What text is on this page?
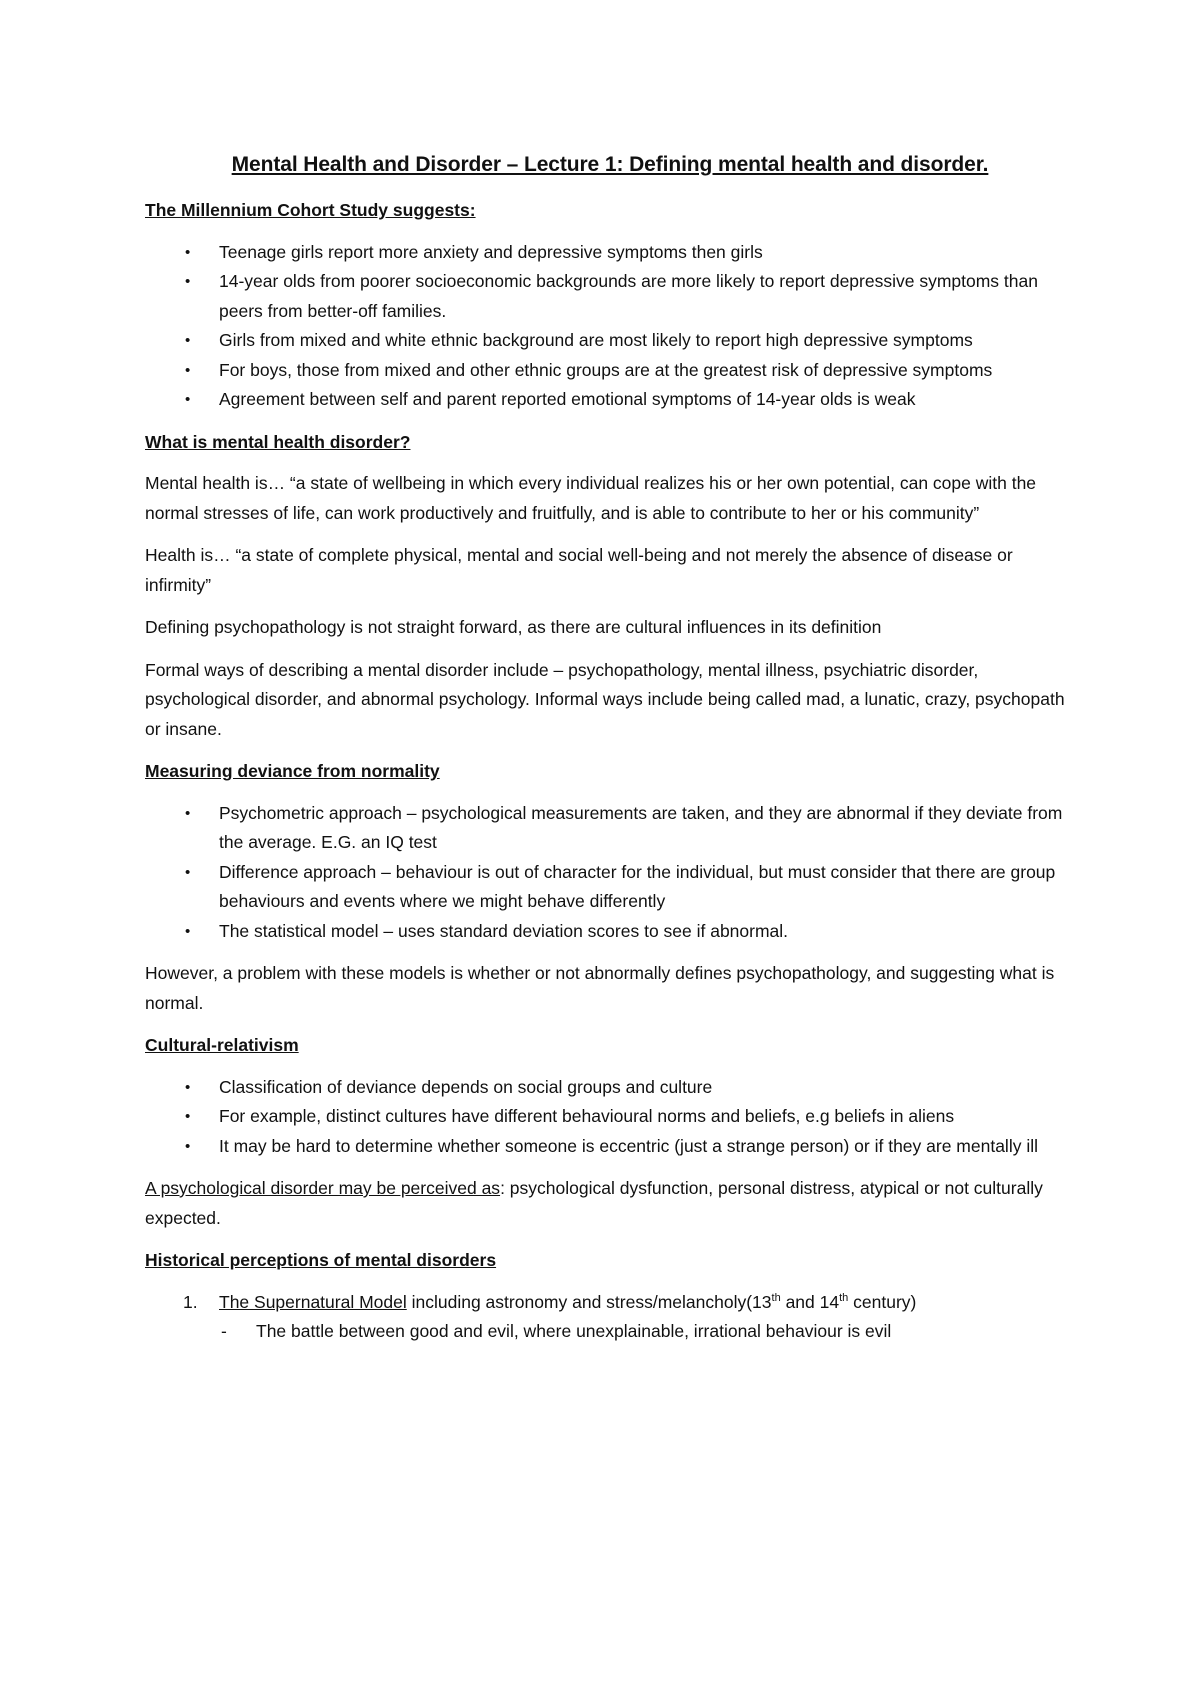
Mental Health and Disorder – Lecture 1: Defining mental health and disorder.
The Millennium Cohort Study suggests:
• Teenage girls report more anxiety and depressive symptoms then girls
• 14-year olds from poorer socioeconomic backgrounds are more likely to report depressive symptoms than peers from better-off families.
• Girls from mixed and white ethnic background are most likely to report high depressive symptoms
• For boys, those from mixed and other ethnic groups are at the greatest risk of depressive symptoms
• Agreement between self and parent reported emotional symptoms of 14-year olds is weak
What is mental health disorder?

Mental health is… “a state of wellbeing in which every individual realizes his or her own potential, can cope with the normal stresses of life, can work productively and fruitfully, and is able to contribute to her or his community”

Health is… “a state of complete physical, mental and social well-being and not merely the absence of disease or infirmity”

Defining psychopathology is not straight forward, as there are cultural influences in its definition

Formal ways of describing a mental disorder include – psychopathology, mental illness, psychiatric disorder, psychological disorder, and abnormal psychology. Informal ways include being called mad, a lunatic, crazy, psychopath or insane.

Measuring deviance from normality
• Psychometric approach – psychological measurements are taken, and they are abnormal if they deviate from the average. E.G. an IQ test
• Difference approach – behaviour is out of character for the individual, but must consider that there are group behaviours and events where we might behave differently
• The statistical model – uses standard deviation scores to see if abnormal.

However, a problem with these models is whether or not abnormally defines psychopathology, and suggesting what is normal.

Cultural-relativism
• Classification of deviance depends on social groups and culture
• For example, distinct cultures have different behavioural norms and beliefs, e.g beliefs in aliens
• It may be hard to determine whether someone is eccentric (just a strange person) or if they are mentally ill

A psychological disorder may be perceived as: psychological dysfunction, personal distress, atypical or not culturally expected.

Historical perceptions of mental disorders
1. The Supernatural Model including astronomy and stress/melancholy(13th and 14th century)
- The battle between good and evil, where unexplainable, irrational behaviour is evil
